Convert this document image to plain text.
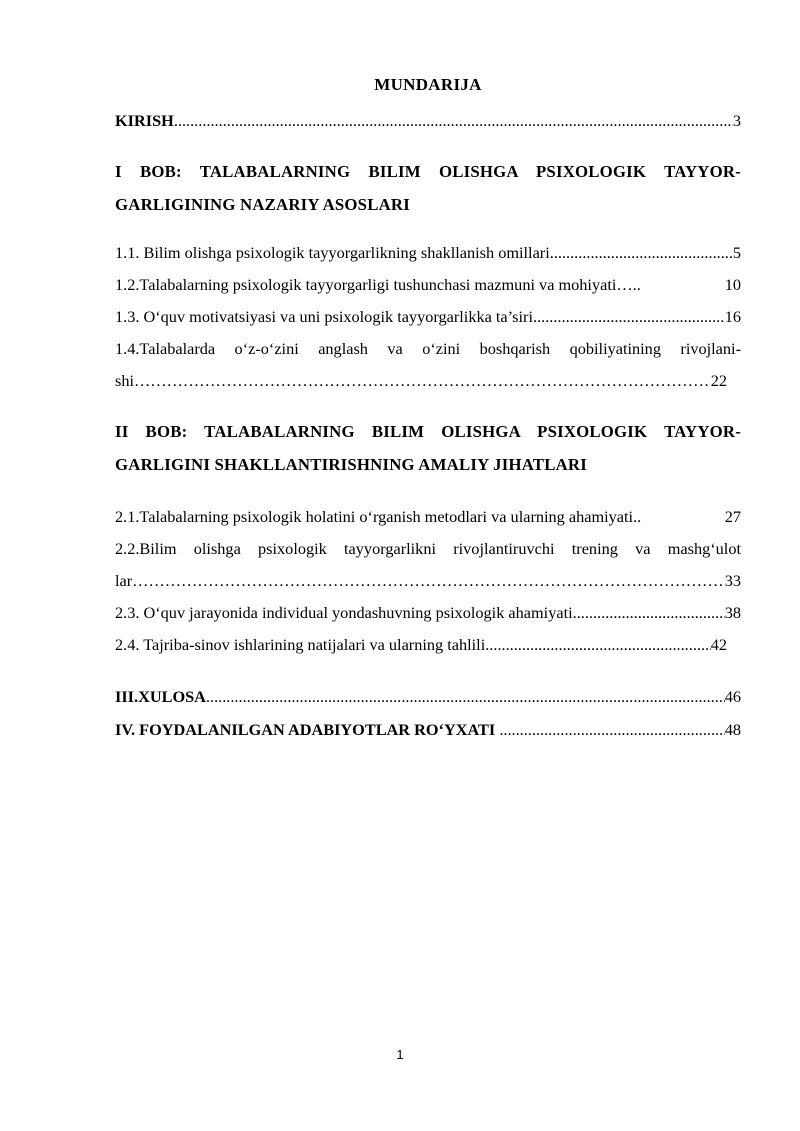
MUNDARIJA
KIRISH .....	3
I BOB: TALABALARNING BILIM OLISHGA PSIXOLOGIK TAYYOR-
GARLIGINING NAZARIY ASOSLARI
1.1. Bilim olishga psixologik tayyorgarlikning shakllanish omillari .....	5
1.2.Talabalarning psixologik tayyorgarligi tushunchasi mazmuni va mohiyati…..	10
1.3. O‘quv motivatsiyasi va uni psixologik tayyorgarlikka ta’siri .....	16
1.4.Talabalarda o‘z-o‘zini anglash va o‘zini boshqarish qobiliyatining rivojlani-
shi ……………………………………………………………………………………………………………………………………………………………	22
II BOB: TALABALARNING BILIM OLISHGA PSIXOLOGIK TAYYOR-
GARLIGINI SHAKLLANTIRISHNING AMALIY JIHATLARI
2.1.Talabalarning psixologik holatini o‘rganish metodlari va ularning ahamiyati..	27
2.2.Bilim olishga psixologik tayyorgarlikni rivojlantiruvchi trening va mashg‘ulot
lar ……………………………………………………………………………………………………………………………………………………………	33
2.3. O‘quv jarayonida individual yondashuvning psixologik ahamiyati .....	38
2.4. Tajriba-sinov ishlarining natijalari va ularning tahlili .....	42
III.XULOSA .....	46
IV. FOYDALANILGAN ADABIYOTLAR RO‘YXATI .....	48
1
